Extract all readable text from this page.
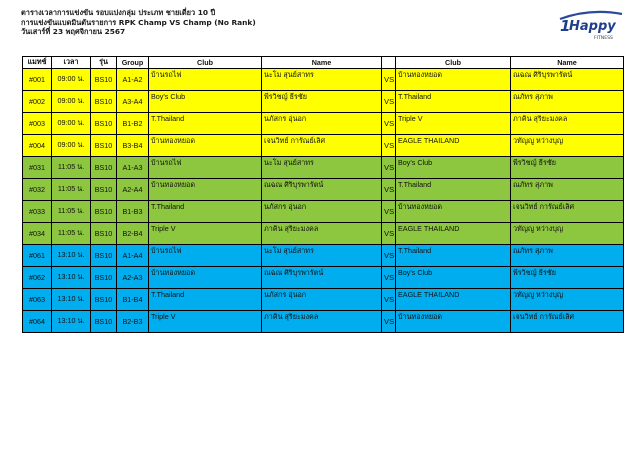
ตารางเวลาการแข่งขัน รอบแบ่งกลุ่ม ประเภท ชายเดี่ยว 10 ปี
การแข่งขันแบดมินตันรายการ RPK Champ VS Champ (No Rank)
วันเสาร์ที่ 23 พฤศจิกายน 2567	1
Happy
FITNESS
แมทช์	เวลา	รุ่น	Group	Club	Name		Club	Name
#001	09:00 น.	BS10	A1-A2	บ้านรถไฟ	นะโม สุนย์สาทร	VS	บ้านทองหยอด	ณฉณ ศิริบุรพารัตน์
#002	09:00 น.	BS10	A3-A4	Boy's Club	พีรวิชญ์ ธีรชัย	VS	T.Thailand	ณภัทร สุภาพ
#003	09:00 น.	BS10	B1-B2	T.Thailand	นภัสกร อุ่นอก	VS	Triple V	ภาคิน สุริยะมงคล
#004	09:00 น.	BS10	B3-B4	บ้านทองหยอด	เจนวิทย์ การัณย์เลิศ	VS	EAGLE THAILAND	วทัญญู หว่างบุญ
#031	11:05 น.	BS10	A1-A3	บ้านรถไฟ	นะโม สุนย์สาทร	VS	Boy's Club	พีรวิชญ์ ธีรชัย
#032	11:05 น.	BS10	A2-A4	บ้านทองหยอด	ณฉณ ศิริบุรพารัตน์	VS	T.Thailand	ณภัทร สุภาพ
#033	11:05 น.	BS10	B1-B3	T.Thailand	นภัสกร อุ่นอก	VS	บ้านทองหยอด	เจนวิทย์ การัณย์เลิศ
#034	11:05 น.	BS10	B2-B4	Triple V	ภาคิน สุริยะมงคล	VS	EAGLE THAILAND	วทัญญู หว่างบุญ
#061	13:10 น.	BS10	A1-A4	บ้านรถไฟ	นะโม สุนย์สาทร	VS	T.Thailand	ณภัทร สุภาพ
#062	13:10 น.	BS10	A2-A3	บ้านทองหยอด	ณฉณ ศิริบุรพารัตน์	VS	Boy's Club	พีรวิชญ์ ธีรชัย
#063	13:10 น.	BS10	B1-B4	T.Thailand	นภัสกร อุ่นอก	VS	EAGLE THAILAND	วทัญญู หว่างบุญ
#064	13:10 น.	BS10	B2-B3	Triple V	ภาคิน สุริยะมงคล	VS	บ้านทองหยอด	เจนวิทย์ การัณย์เลิศ
